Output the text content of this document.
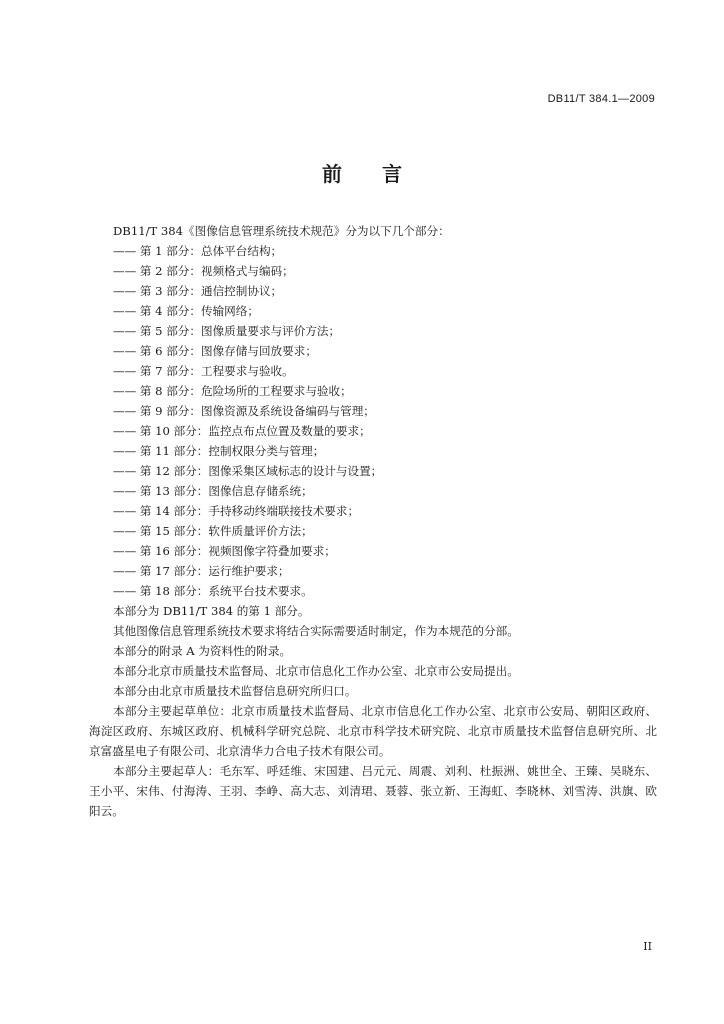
DB11/T 384.1—2009
前 言

DB11/T 384《图像信息管理系统技术规范》分为以下几个部分：

—— 第 1 部分：总体平台结构；
—— 第 2 部分：视频格式与编码；
—— 第 3 部分：通信控制协议；
—— 第 4 部分：传输网络；
—— 第 5 部分：图像质量要求与评价方法；
—— 第 6 部分：图像存储与回放要求；
—— 第 7 部分：工程要求与验收。
—— 第 8 部分：危险场所的工程要求与验收；
—— 第 9 部分：图像资源及系统设备编码与管理；
—— 第 10 部分：监控点布点位置及数量的要求；
—— 第 11 部分：控制权限分类与管理；
—— 第 12 部分：图像采集区域标志的设计与设置；
—— 第 13 部分：图像信息存储系统；
—— 第 14 部分：手持移动终端联接技术要求；
—— 第 15 部分：软件质量评价方法；
—— 第 16 部分：视频图像字符叠加要求；
—— 第 17 部分：运行维护要求；
—— 第 18 部分：系统平台技术要求。

本部分为 DB11/T 384 的第 1 部分。

其他图像信息管理系统技术要求将结合实际需要适时制定，作为本规范的分部。

本部分的附录 A 为资料性的附录。

本部分北京市质量技术监督局、北京市信息化工作办公室、北京市公安局提出。

本部分由北京市质量技术监督信息研究所归口。

本部分主要起草单位：北京市质量技术监督局、北京市信息化工作办公室、北京市公安局、朝阳区政府、海淀区政府、东城区政府、机械科学研究总院、北京市科学技术研究院、北京市质量技术监督信息研究所、北京富盛星电子有限公司、北京清华力合电子技术有限公司。

本部分主要起草人：毛东军、呼廷维、宋国建、吕元元、周震、刘利、杜振洲、姚世全、王臻、吴晓东、王小平、宋伟、付海涛、王羽、李峥、高大志、刘清珺、聂蓉、张立新、王海虹、李晓林、刘雪涛、洪旗、欧阳云。

II
